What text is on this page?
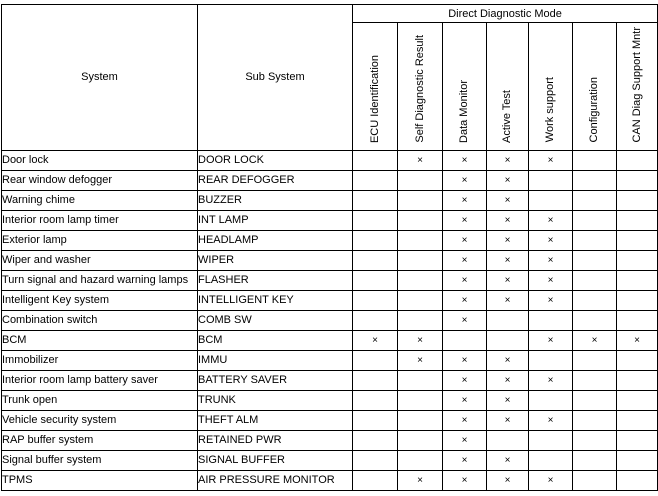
System	Sub System	Direct Diagnostic Mode						
		ECU Identification	Self Diagnostic Result	Data Monitor	Active Test	Work support	Configuration	CAN Diag Support Mntr
Door lock	DOOR LOCK		×	×	×	×		
Rear window defogger	REAR DEFOGGER			×	×			
Warning chime	BUZZER			×	×			
Interior room lamp timer	INT LAMP			×	×	×		
Exterior lamp	HEADLAMP			×	×	×		
Wiper and washer	WIPER			×	×	×		
Turn signal and hazard warning lamps	FLASHER			×	×	×		
Intelligent Key system	INTELLIGENT KEY			×	×	×		
Combination switch	COMB SW			×				
BCM	BCM	×	×			×	×	×
Immobilizer	IMMU		×	×	×			
Interior room lamp battery saver	BATTERY SAVER			×	×	×		
Trunk open	TRUNK			×	×			
Vehicle security system	THEFT ALM			×	×	×		
RAP buffer system	RETAINED PWR			×				
Signal buffer system	SIGNAL BUFFER			×	×			
TPMS	AIR PRESSURE MONITOR		×	×	×	×		
